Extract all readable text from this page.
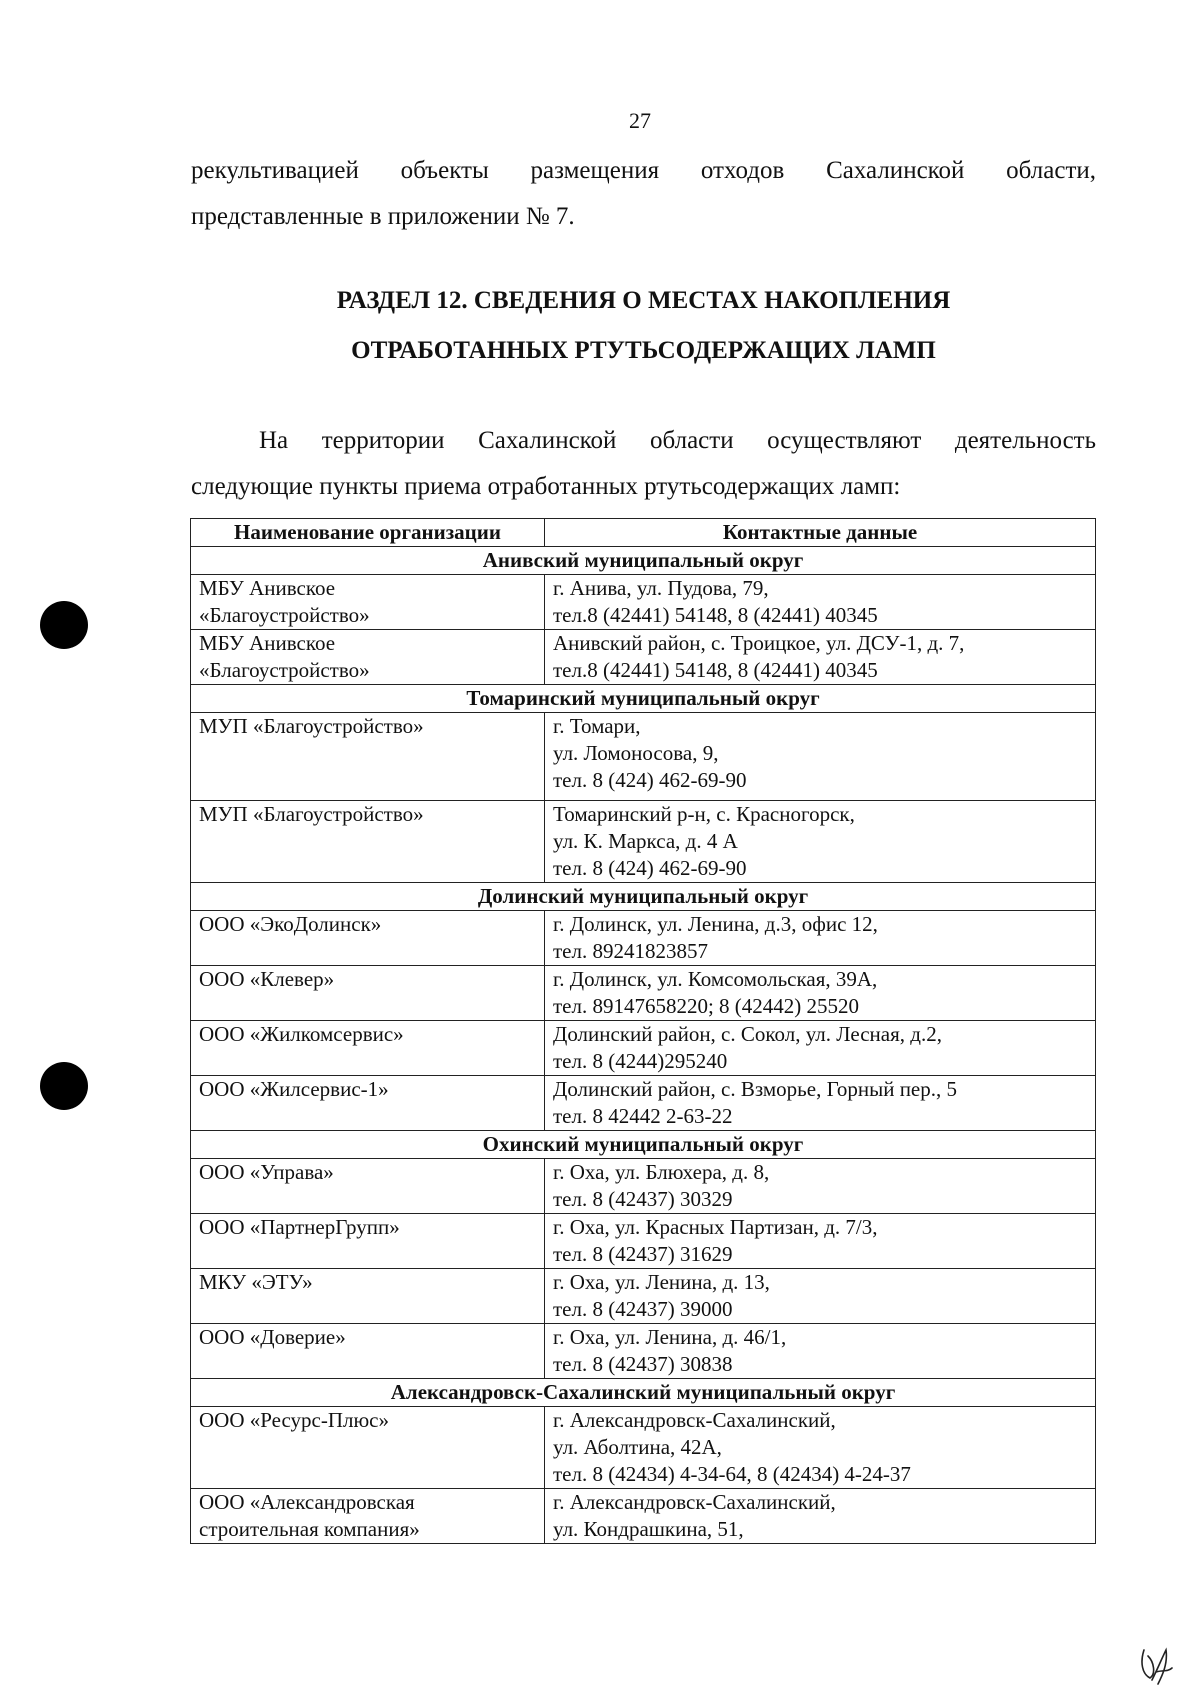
27

рекультивацией объекты размещения отходов Сахалинской области,
представленные в приложении № 7.

РАЗДЕЛ 12. СВЕДЕНИЯ О МЕСТАХ НАКОПЛЕНИЯ
ОТРАБОТАННЫХ РТУТЬСОДЕРЖАЩИХ ЛАМП

На территории Сахалинской области осуществляют деятельность
следующие пункты приема отработанных ртутьсодержащих ламп:

Наименование организации	Контактные данные
Анивский муниципальный округ	

МБУ Анивское
«Благоустройство»	г. Анива, ул. Пудова, 79,
тел.8 (42441) 54148, 8 (42441) 40345

МБУ Анивское
«Благоустройство»	Анивский район, с. Троицкое, ул. ДСУ-1, д. 7,
тел.8 (42441) 54148, 8 (42441) 40345

Томаринский муниципальный округ	

МУП «Благоустройство»	г. Томари,
ул. Ломоносова, 9,
тел. 8 (424) 462-69-90

МУП «Благоустройство»	Томаринский р-н, с. Красногорск,
ул. К. Маркса, д. 4 А
тел. 8 (424) 462-69-90

Долинский муниципальный округ	

ООО «ЭкоДолинск»	г. Долинск, ул. Ленина, д.3, офис 12,
тел. 89241823857

ООО «Клевер»	г. Долинск, ул. Комсомольская, 39А,
тел. 89147658220; 8 (42442) 25520

ООО «Жилкомсервис»	Долинский район, с. Сокол, ул. Лесная, д.2,
тел. 8 (4244)295240

ООО «Жилсервис-1»	Долинский район, с. Взморье, Горный пер., 5
тел. 8 42442 2-63-22

Охинский муниципальный округ	

ООО «Управа»	г. Оха, ул. Блюхера, д. 8,
тел. 8 (42437) 30329

ООО «ПартнерГрупп»	г. Оха, ул. Красных Партизан, д. 7/3,
тел. 8 (42437) 31629

МКУ «ЭТУ»	г. Оха, ул. Ленина, д. 13,
тел. 8 (42437) 39000

ООО «Доверие»	г. Оха, ул. Ленина, д. 46/1,
тел. 8 (42437) 30838

Александровск-Сахалинский муниципальный округ	

ООО «Ресурс-Плюс»	г. Александровск-Сахалинский,
ул. Аболтина, 42А,
тел. 8 (42434) 4-34-64, 8 (42434) 4-24-37

ООО «Александровская
строительная компания»	г. Александровск-Сахалинский,
ул. Кондрашкина, 51,
